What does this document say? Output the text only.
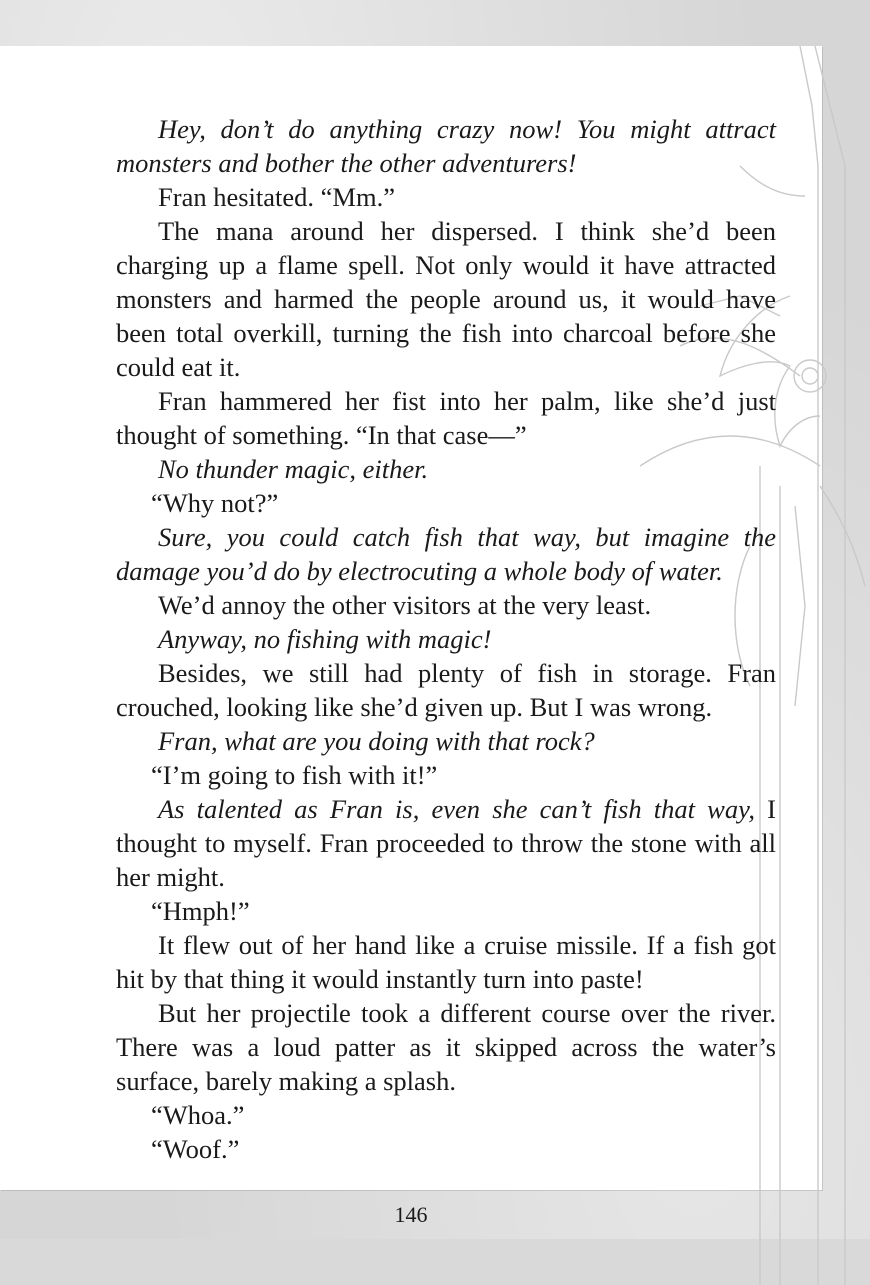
Hey, don’t do anything crazy now! You might attract monsters and bother the other adventurers!

Fran hesitated. “Mm.”

The mana around her dispersed. I think she’d been charging up a flame spell. Not only would it have attracted monsters and harmed the people around us, it would have been total overkill, turning the fish into charcoal before she could eat it.

Fran hammered her fist into her palm, like she’d just thought of something. “In that case—”

No thunder magic, either.

“Why not?”

Sure, you could catch fish that way, but imagine the damage you’d do by electrocuting a whole body of water.

We’d annoy the other visitors at the very least.

Anyway, no fishing with magic!

Besides, we still had plenty of fish in storage. Fran crouched, looking like she’d given up. But I was wrong.

Fran, what are you doing with that rock?

“I’m going to fish with it!”

As talented as Fran is, even she can’t fish that way, I thought to myself. Fran proceeded to throw the stone with all her might.

“Hmph!”

It flew out of her hand like a cruise missile. If a fish got hit by that thing it would instantly turn into paste!

But her projectile took a different course over the river. There was a loud patter as it skipped across the water’s surface, barely making a splash.

“Whoa.”

“Woof.”

146
